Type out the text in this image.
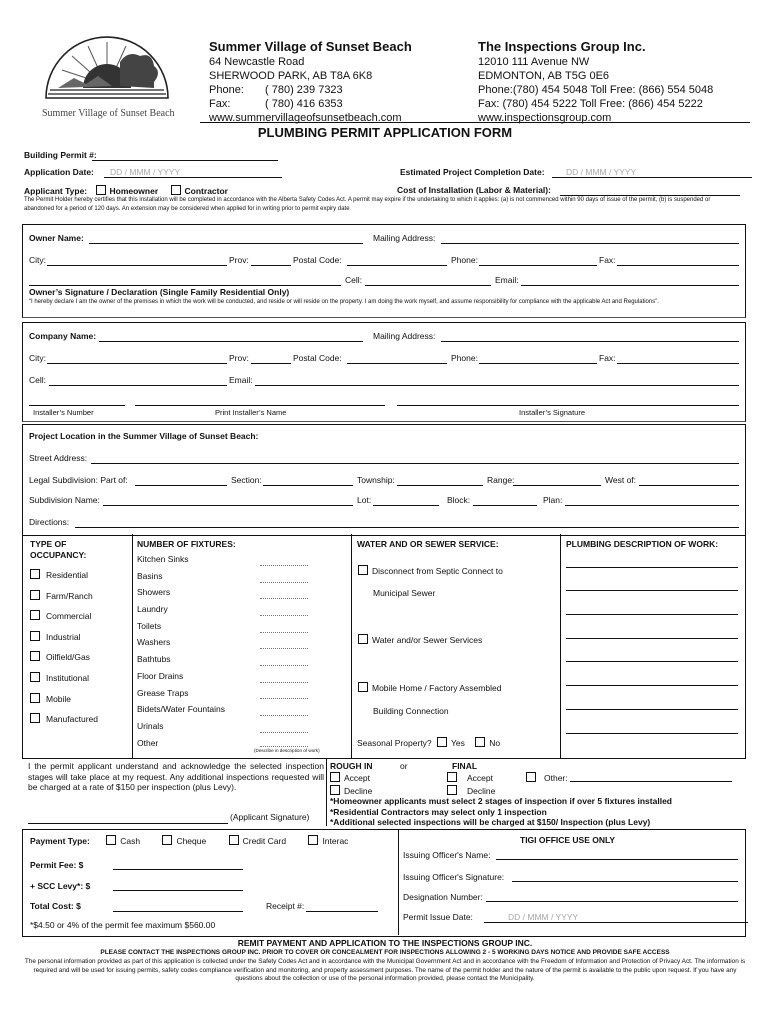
Summer Village of Sunset Beach
Summer Village of Sunset Beach
64 Newcastle Road
SHERWOOD PARK, AB T8A 6K8
Phone: ( 780) 239 7323
Fax:	( 780) 416 6353
www.summervillageofsunsetbeach.com
The Inspections Group Inc.
12010 111 Avenue NW
EDMONTON, AB T5G 0E6
Phone:(780) 454 5048 Toll Free: (866) 554 5048
Fax: (780) 454 5222 Toll Free: (866) 454 5222
www.inspectionsgroup.com
PLUMBING PERMIT APPLICATION FORM
Building Permit #:
Application Date:	DD / MMM / YYYY	Estimated Project Completion Date:	DD / MMM / YYYY
Applicant Type:	Homeowner	Contractor	Cost of Installation (Labor & Material):
The Permit Holder hereby certifies that this installation will be completed in accordance with the Alberta Safety Codes Act. A permit may expire if the undertaking to which it applies: (a) is not commenced within 90 days of issue of the permit, (b) is suspended or abandoned for a period of 120 days. An extension may be considered when applied for in writing prior to permit expiry date
Owner Name:	Mailing Address:
City:	Prov:	Postal Code:	Phone:	Fax:
Cell:	Email:
Owner’s Signature / Declaration (Single Family Residential Only)
“I hereby declare I am the owner of the premises in which the work will be conducted, and reside or will reside on the property. I am doing the work myself, and assume responsibility for compliance with the applicable Act and Regulations”.
Company Name:	Mailing Address:
City:	Prov:	Postal Code:	Phone:	Fax:
Cell:	Email:
Installer’s Number	Print Installer’s Name	Installer’s Signature
Project Location in the Summer Village of Sunset Beach:
Street Address:
Legal Subdivision: Part of:	Section:	Township:	Range:	West of:
Subdivision Name:	Lot:	Block:	Plan:
Directions:
TYPE OF
OCCUPANCY:
Residential
Farm/Ranch
Commercial
Industrial
Oilfield/Gas
Institutional
Mobile
Manufactured
NUMBER OF FIXTURES:
Kitchen Sinks
Basins
Showers
Laundry
Toilets
Washers
Bathtubs
Floor Drains
Grease Traps
Bidets/Water Fountains
Urinals
Other
(Describe in description of work)
WATER AND OR SEWER SERVICE:
Disconnect from Septic Connect to
Municipal Sewer
Water and/or Sewer Services
Mobile Home / Factory Assembled
Building Connection
Seasonal Property? Yes	No
PLUMBING DESCRIPTION OF WORK:
I the permit applicant understand and acknowledge the selected inspection stages will take place at my request. Any additional inspections requested will be charged at a rate of $150 per inspection (plus Levy).
(Applicant Signature)
ROUGH IN	or	FINAL
Accept	Accept	Other:
Decline	Decline
*Homeowner applicants must select 2 stages of inspection if over 5 fixtures installed
*Residential Contractors may select only 1 inspection
*Additional selected inspections will be charged at $150/ Inspection (plus Levy)
Payment Type:	Cash	Cheque	Credit Card	Interac
Permit Fee: $
+ SCC Levy*: $
Total Cost: $	Receipt #:
*$4.50 or 4% of the permit fee maximum $560.00
TIGI OFFICE USE ONLY
Issuing Officer's Name:
Issuing Officer's Signature:
Designation Number:
Permit Issue Date:	DD / MMM / YYYY
REMIT PAYMENT AND APPLICATION TO THE INSPECTIONS GROUP INC.
PLEASE CONTACT THE INSPECTIONS GROUP INC. PRIOR TO COVER OR CONCEALMENT FOR INSPECTIONS ALLOWING 2 - 5 WORKING DAYS NOTICE AND PROVIDE SAFE ACCESS
The personal information provided as part of this application is collected under the Safety Codes Act and in accordance with the Municipal Government Act and in accordance with the Freedom of Information and Protection of Privacy Act. The information is required and will be used for issuing permits, safety codes compliance verification and monitoring, and property assessment purposes. The name of the permit holder and the nature of the permit is available to the public upon request. If you have any questions about the collection or use of the personal information provided, please contact the Municipality.
